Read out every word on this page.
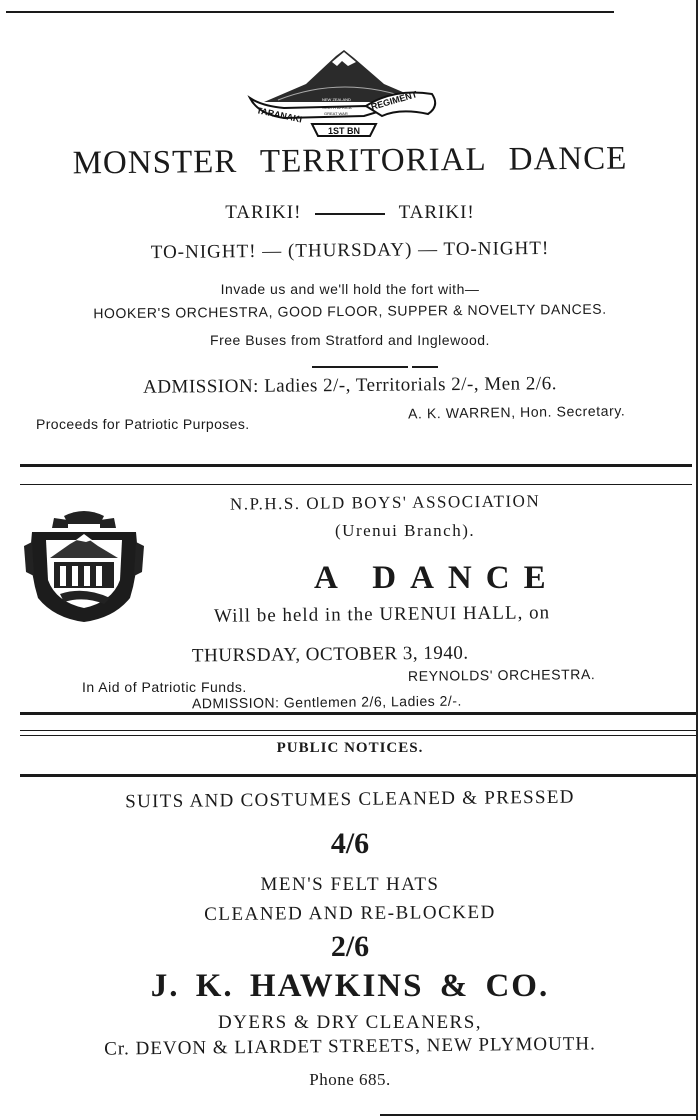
TARANAKI
REGIMENT
NEW ZEALAND
SOUTH AFRICA
GREAT WAR
1ST BN
MONSTER TERRITORIAL DANCE
TARIKI!	TARIKI!
TO-NIGHT! — (THURSDAY) — TO-NIGHT!
Invade us and we'll hold the fort with—
HOOKER'S ORCHESTRA, GOOD FLOOR, SUPPER & NOVELTY DANCES.
Free Buses from Stratford and Inglewood.
ADMISSION: Ladies 2/-, Territorials 2/-, Men 2/6.
Proceeds for Patriotic Purposes.
A. K. WARREN, Hon. Secretary.
N.P.H.S. OLD BOYS' ASSOCIATION
(Urenui Branch).
A DANCE
Will be held in the URENUI HALL, on
THURSDAY, OCTOBER 3, 1940.
In Aid of Patriotic Funds.
REYNOLDS' ORCHESTRA.
ADMISSION: Gentlemen 2/6, Ladies 2/-.
PUBLIC NOTICES.
SUITS AND COSTUMES CLEANED & PRESSED
4/6
MEN'S FELT HATS
CLEANED AND RE-BLOCKED
2/6
J. K. HAWKINS & CO.
DYERS & DRY CLEANERS,
Cr. DEVON & LIARDET STREETS, NEW PLYMOUTH.
Phone 685.
